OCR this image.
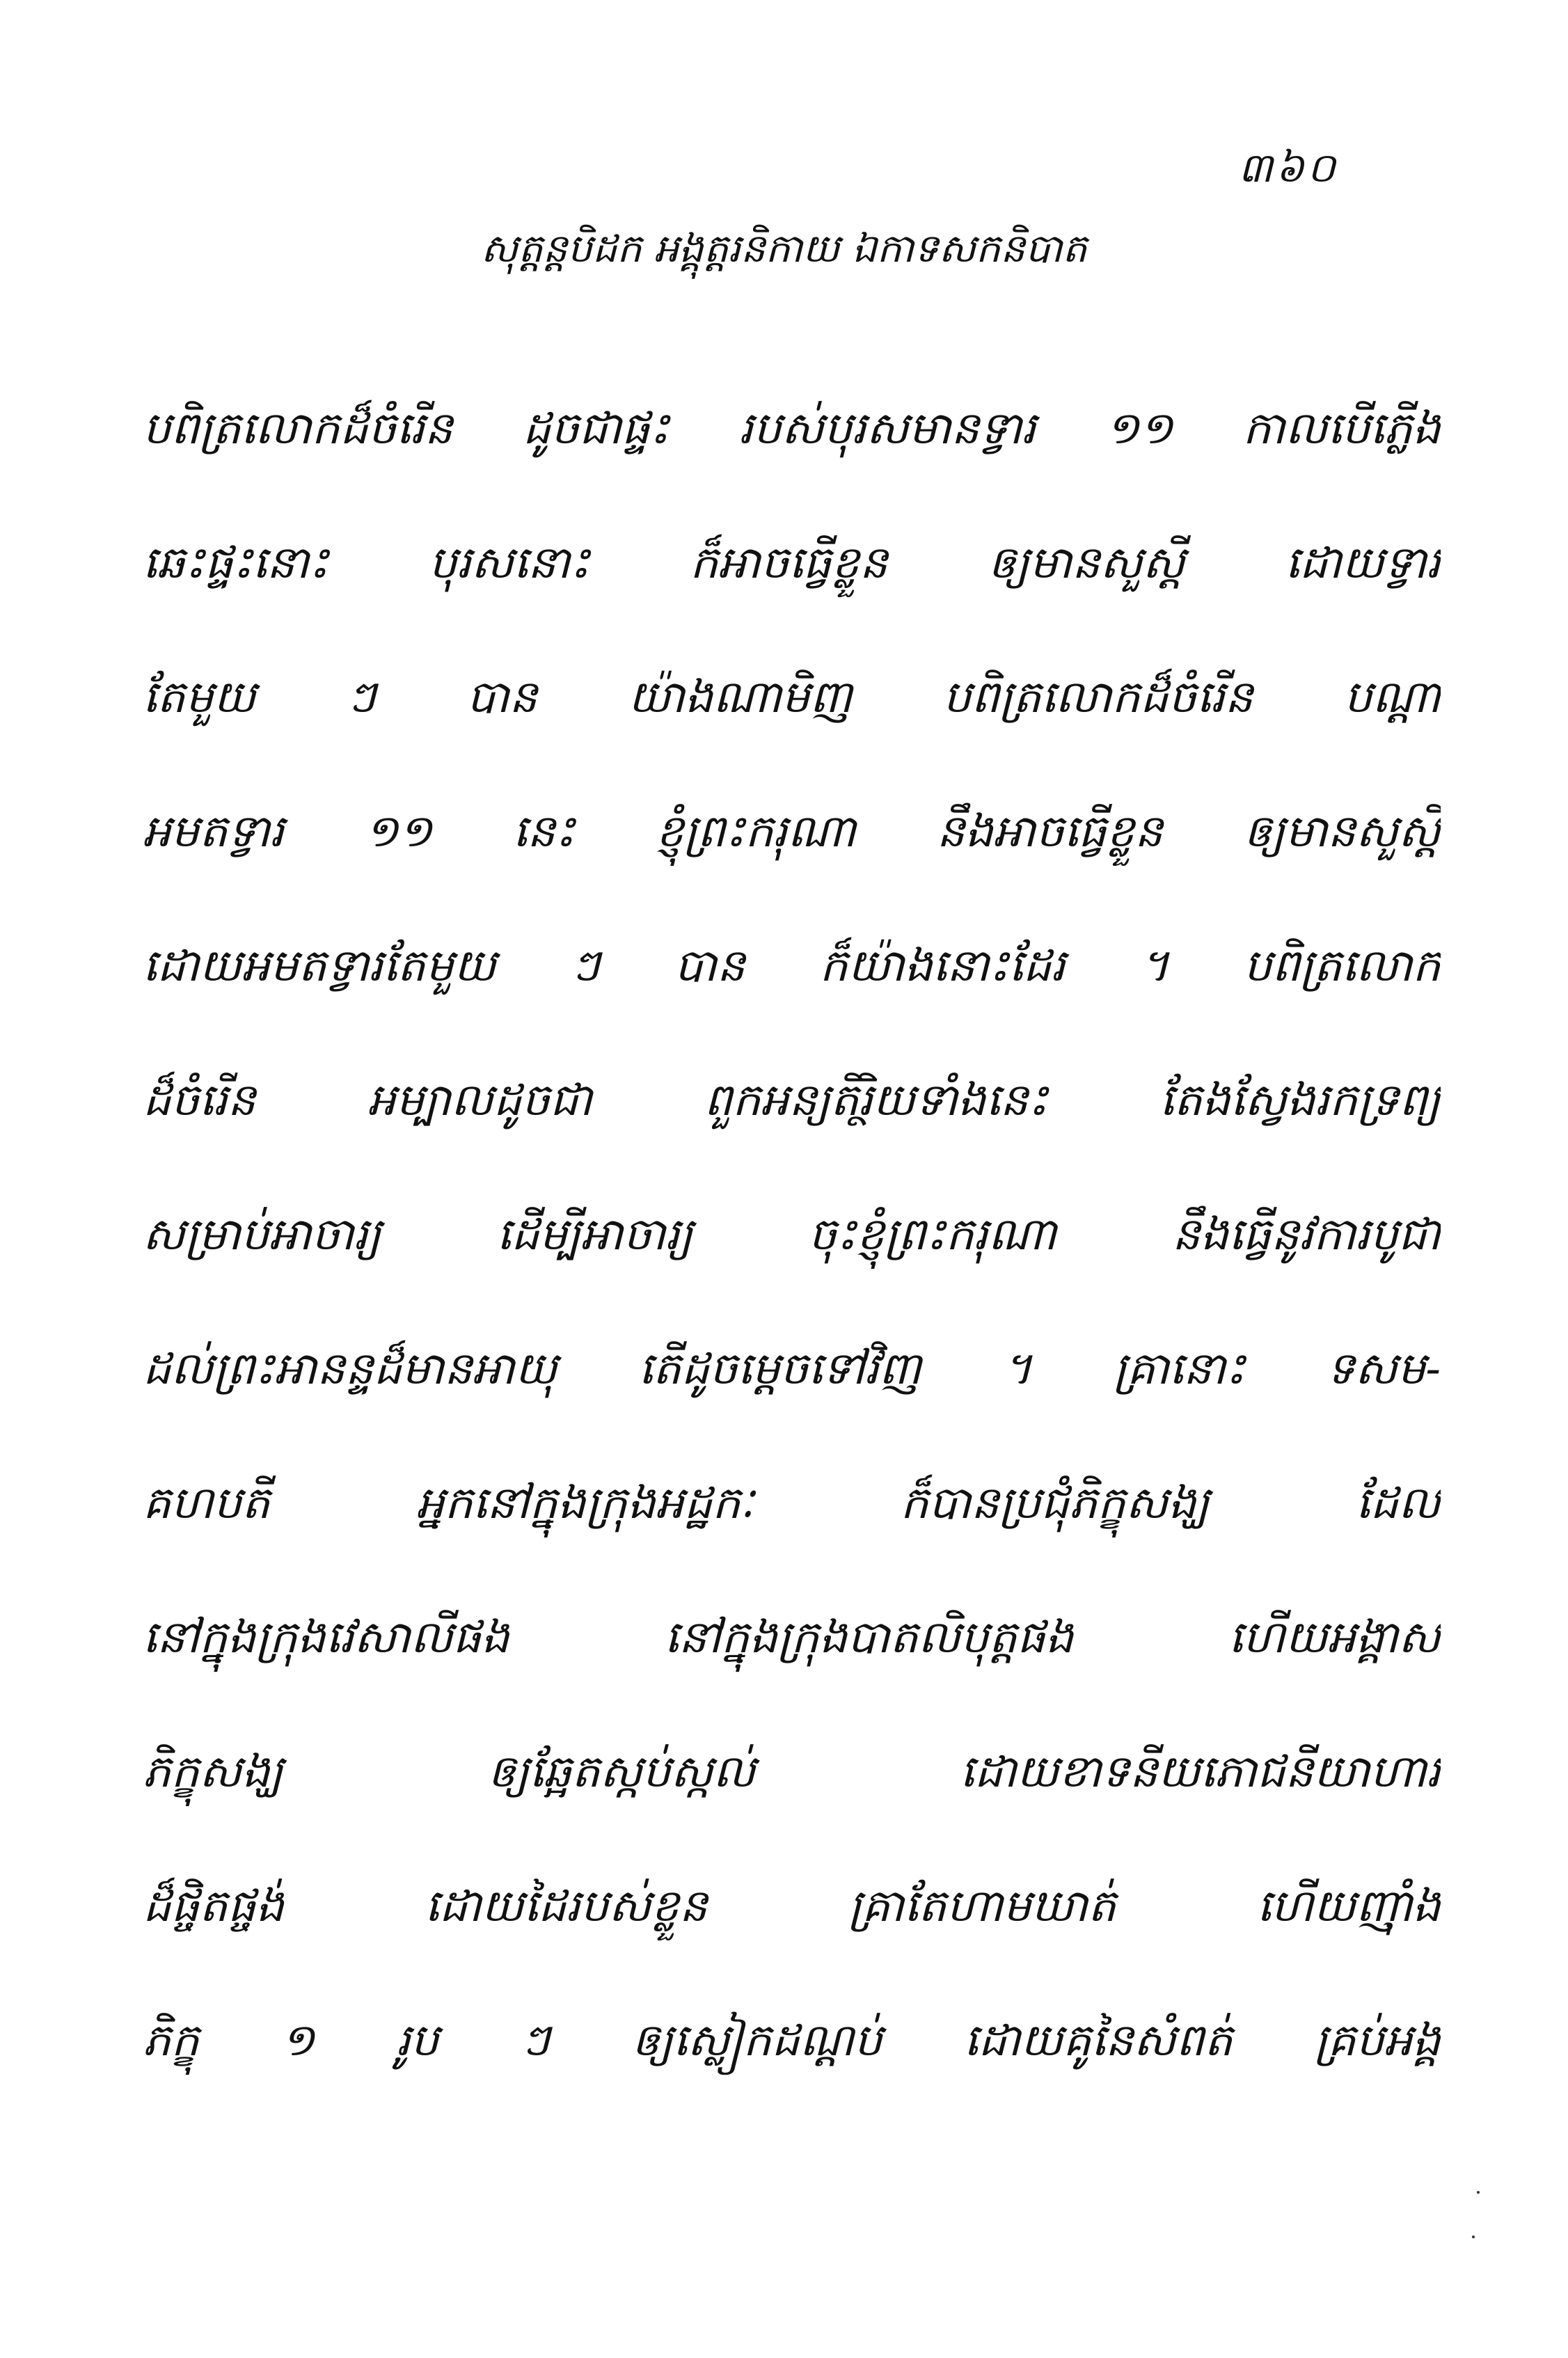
៣៦០
សុត្តន្តបិដក អង្គុត្តរនិកាយ ឯកាទសកនិបាត
បពិត្រលោកដ៏ចំរើន ដូចជាផ្ទះ របស់បុរសមានទ្វារ ១១ កាលបើភ្លើង
ឆេះផ្ទះនោះ បុរសនោះ ក៏អាចធ្វើខ្លួន ឲ្យមានសួស្តី ដោយទ្វារ
តែមួយ ៗ បាន យ៉ាងណាមិញ បពិត្រលោកដ៏ចំរើន បណ្តា
អមតទ្វារ ១១ នេះ ខ្ញុំព្រះករុណា នឹងអាចធ្វើខ្លួន ឲ្យមានសួស្តី
ដោយអមតទ្វារតែមួយ ៗ បាន ក៏យ៉ាងនោះដែរ ។ បពិត្រលោក
ដ៏ចំរើន អម្បាលដូចជា ពួកអន្យតិរ្ថិយទាំងនេះ តែងស្វែងរកទ្រព្យ
សម្រាប់អាចារ្យ ដើម្បីអាចារ្យ ចុះខ្ញុំព្រះករុណា នឹងធ្វើនូវការបូជា
ដល់ព្រះអានន្ទដ៏មានអាយុ តើដូចម្តេចទៅវិញ ។ គ្រានោះ ទសម-
គហបតី អ្នកនៅក្នុងក្រុងអដ្ឋកៈ ក៏បានប្រជុំភិក្ខុសង្ឃ ដែល
នៅក្នុងក្រុងវេសាលីផង នៅក្នុងក្រុងបាតលិបុត្តផង ហើយអង្គាស
ភិក្ខុសង្ឃ ឲ្យឆ្អែតស្កប់ស្កល់ ដោយខាទនីយភោជនីយាហារ
ដ៏ផ្ចិតផ្ចង់ ដោយដៃរបស់ខ្លួន គ្រាតែហាមឃាត់ ហើយញ៉ាំង
ភិក្ខុ ១ រូប ៗ ឲ្យស្លៀកដណ្តប់ ដោយគូនៃសំពត់ គ្រប់អង្គ
